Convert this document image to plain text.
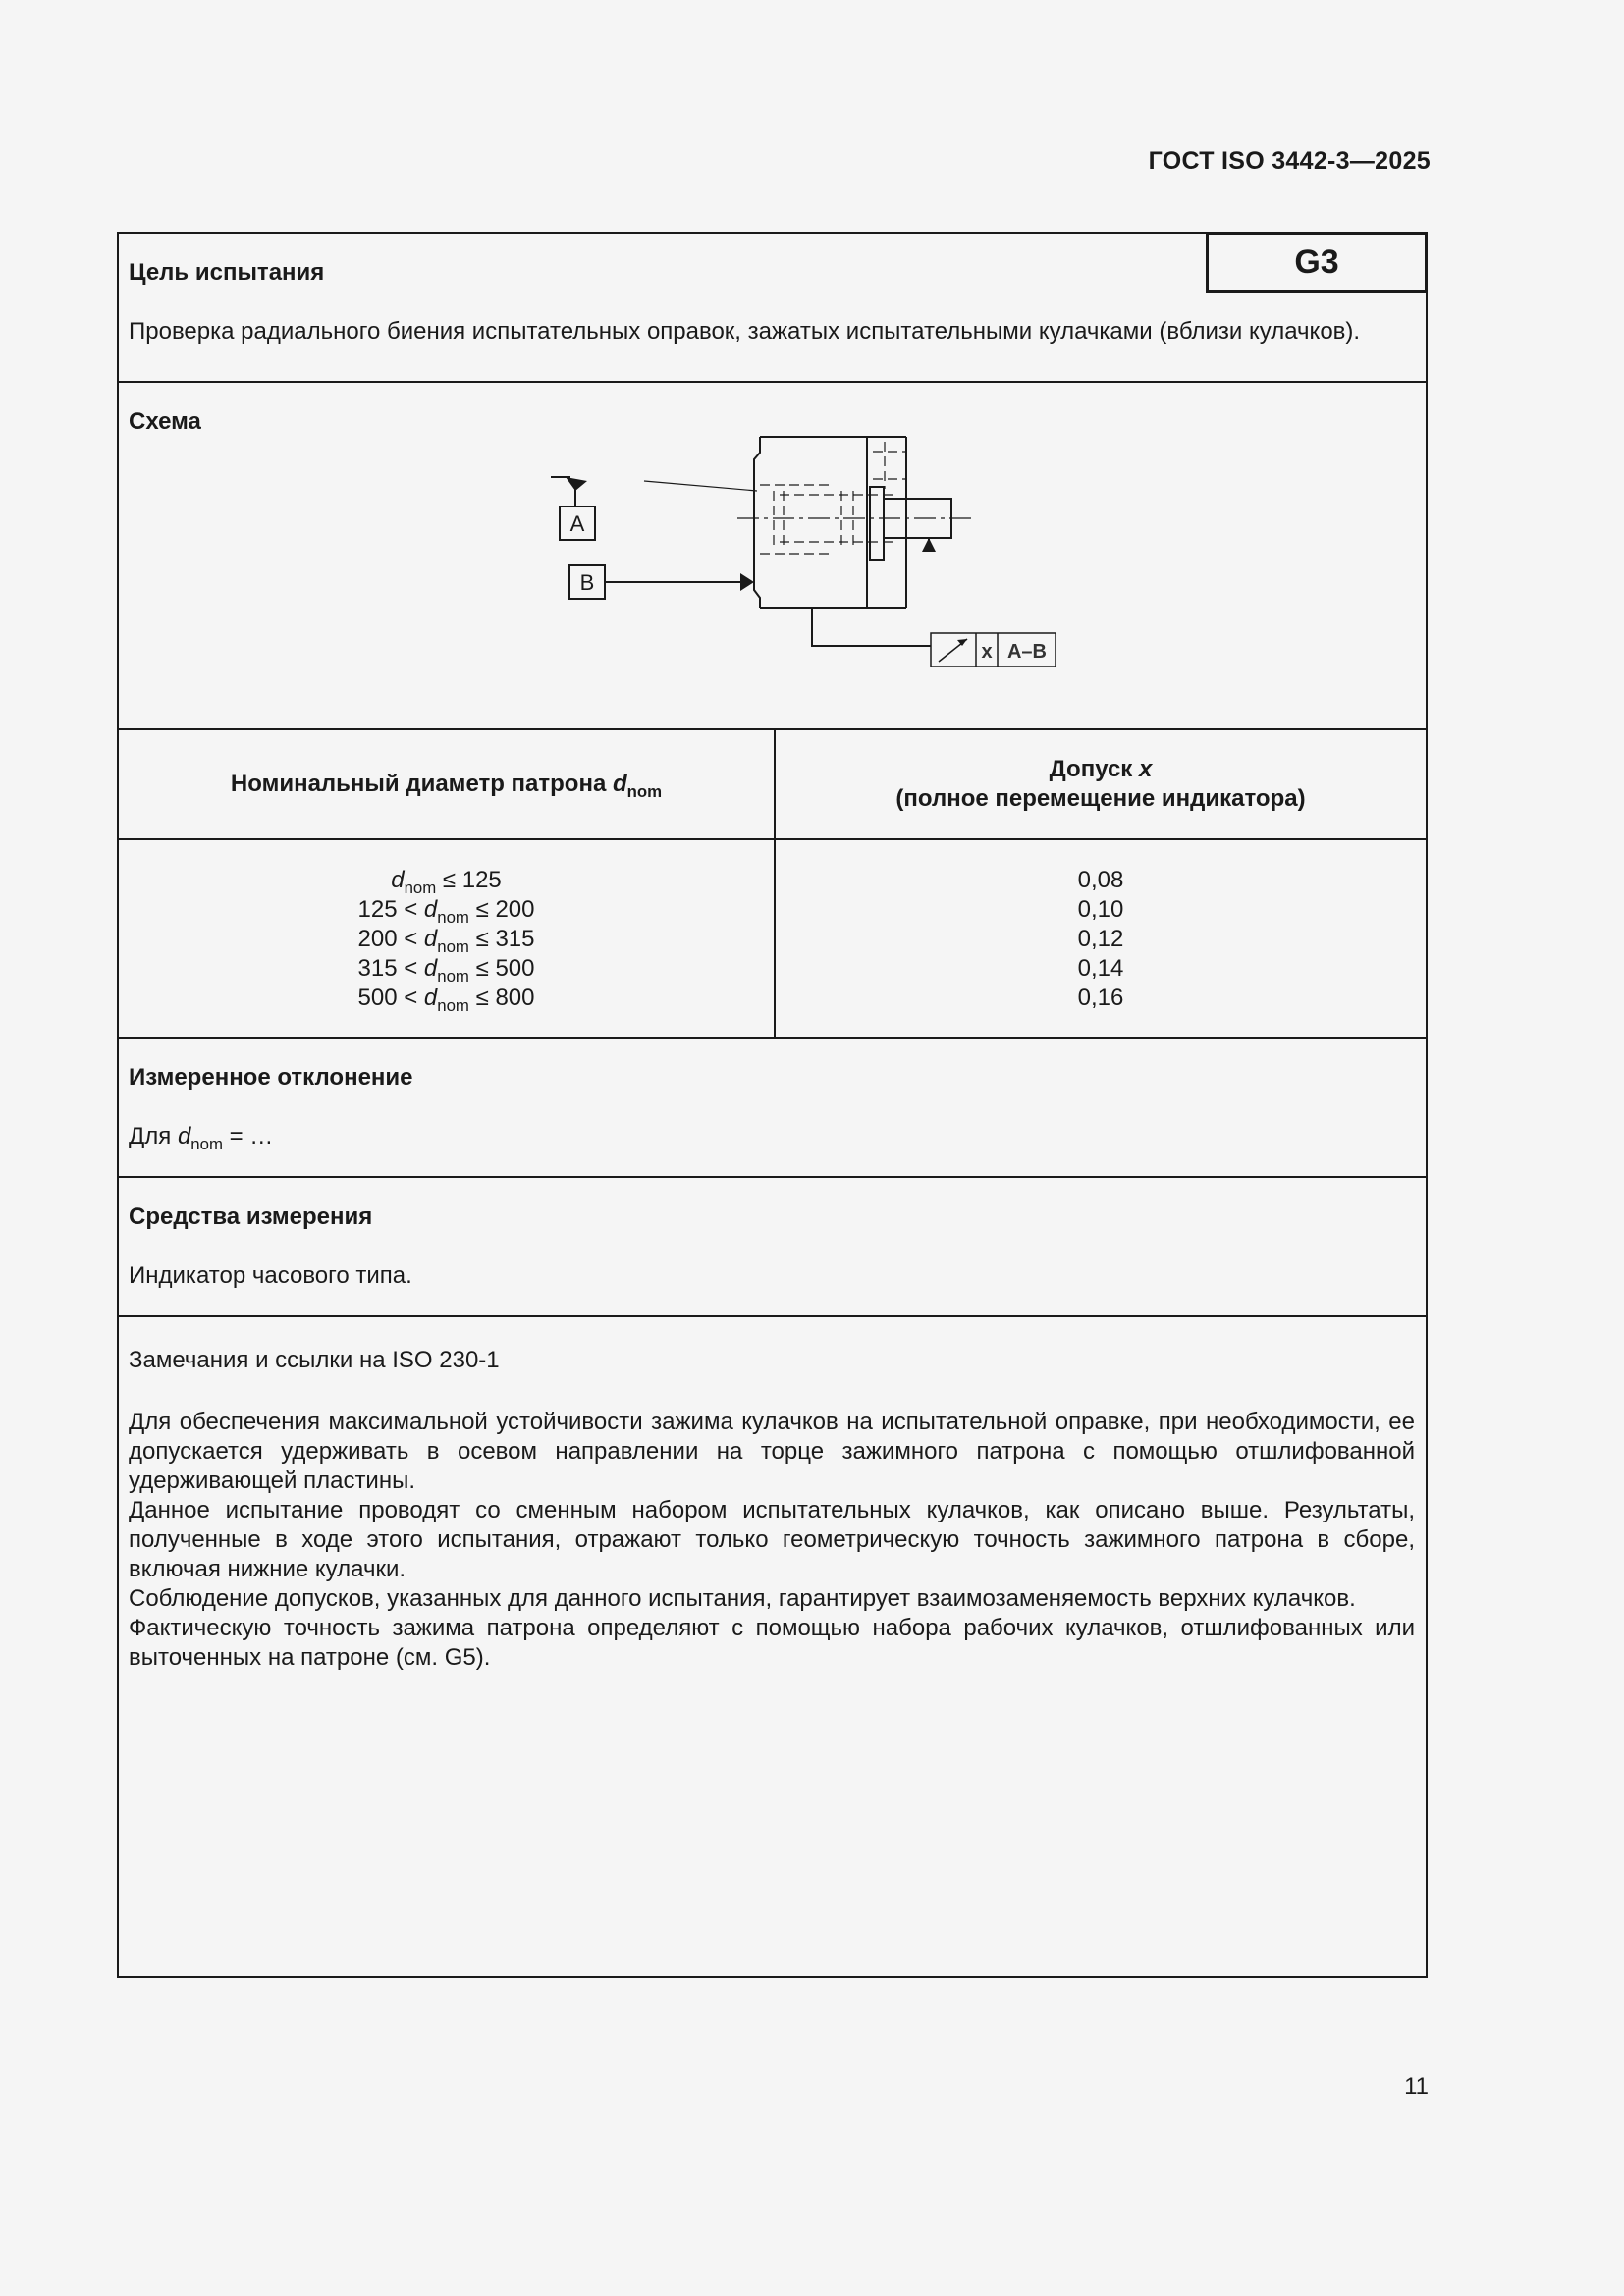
ГОСТ ISO 3442-3—2025
G3

Цель испытания

Проверка радиального биения испытательных оправок, зажатых испытательными кулачками (вблизи кулачков).

Схема

A
B
x A–B
Номинальный диаметр патрона $d_{nom}$
Допуск x
(полное перемещение индикатора)
$d_{nom} \le 125$
$125 < d_{nom} \le 200$
$200 < d_{nom} \le 315$
$315 < d_{nom} \le 500$
$500 < d_{nom} \le 800$
0,08
0,10
0,12
0,14
0,16

Измеренное отклонение

Для $d_{nom}$ = …

Средства измерения

Индикатор часового типа.

Замечания и ссылки на ISO 230-1

Для обеспечения максимальной устойчивости зажима кулачков на испытательной оправке, при необходимости, ее допускается удерживать в осевом направлении на торце зажимного патрона с помощью отшлифованной удерживающей пластины.

Данное испытание проводят со сменным набором испытательных кулачков, как описано выше. Результаты, полученные в ходе этого испытания, отражают только геометрическую точность зажимного патрона в сборе, включая нижние кулачки.

Соблюдение допусков, указанных для данного испытания, гарантирует взаимозаменяемость верхних кулачков.

Фактическую точность зажима патрона определяют с помощью набора рабочих кулачков, отшлифованных или выточенных на патроне (см. G5).

11
